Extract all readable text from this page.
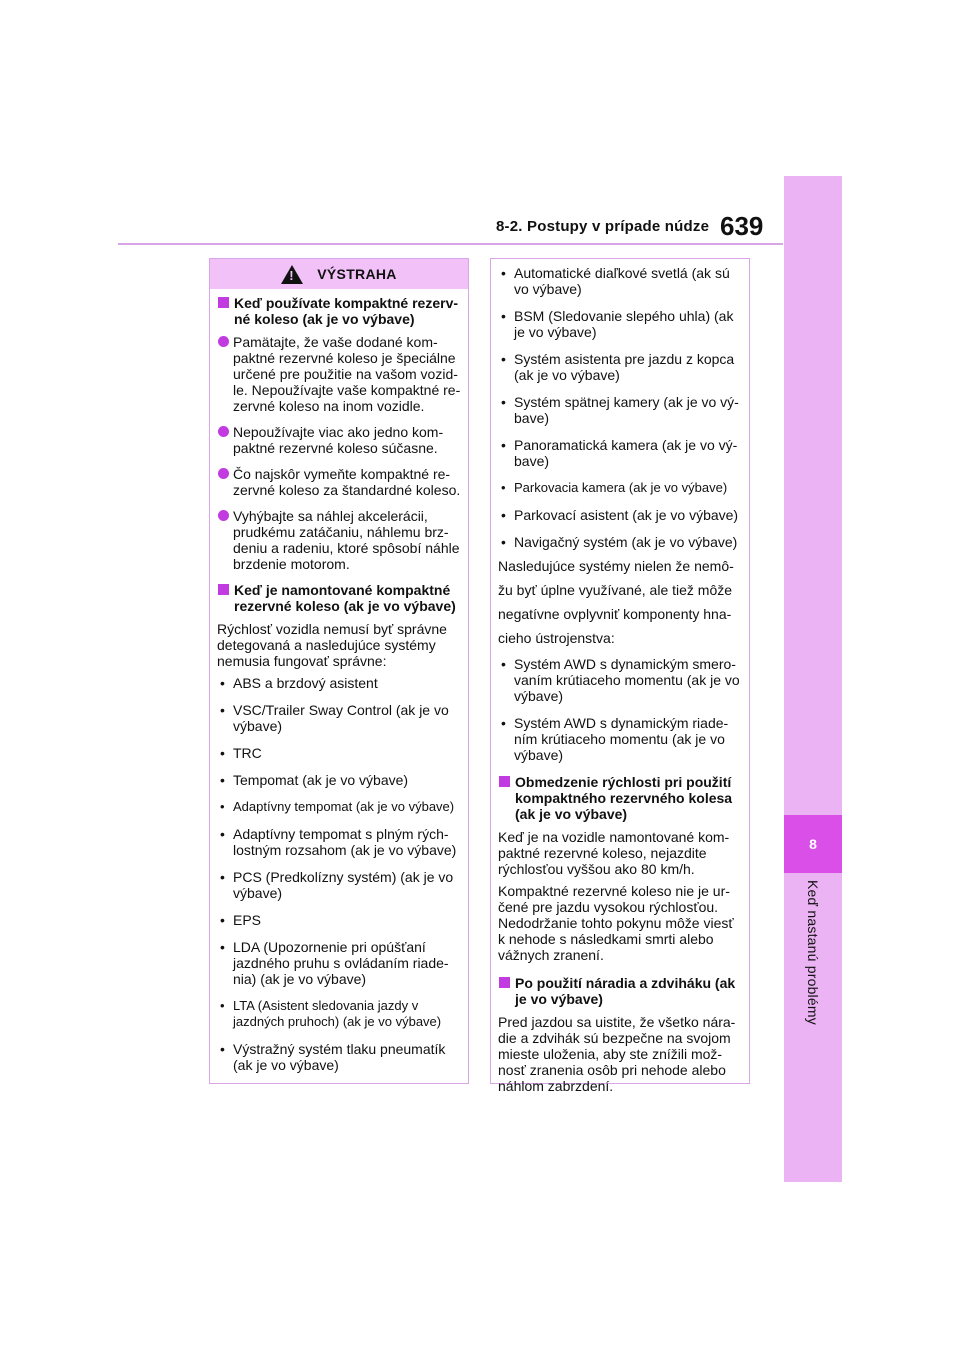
8-2. Postupy v prípade núdze 639
8
Keď nastanú problémy
!
VÝSTRAHA
Keď používate kompaktné rezerv-né koleso (ak je vo výbave)
Pamätajte, že vaše dodané kom-paktné rezervné koleso je špeciálne určené pre použitie na vašom vozid-le. Nepoužívajte vaše kompaktné re-zervné koleso na inom vozidle.
Nepoužívajte viac ako jedno kom-paktné rezervné koleso súčasne.
Čo najskôr vymeňte kompaktné re-zervné koleso za štandardné koleso.
Vyhýbajte sa náhlej akcelerácii, prudkému zatáčaniu, náhlemu brz-deniu a radeniu, ktoré spôsobí náhle brzdenie motorom.
Keď je namontované kompaktné rezervné koleso (ak je vo výbave)
Rýchlosť vozidla nemusí byť správne detegovaná a nasledujúce systémy nemusia fungovať správne:
• ABS a brzdový asistent
• VSC/Trailer Sway Control (ak je vo výbave)
• TRC
• Tempomat (ak je vo výbave)
• Adaptívny tempomat (ak je vo výbave)
• Adaptívny tempomat s plným rých-lostným rozsahom (ak je vo výbave)
• PCS (Predkolízny systém) (ak je vo výbave)
• EPS
• LDA (Upozornenie pri opúšťaní jazdného pruhu s ovládaním riade-nia) (ak je vo výbave)
• LTA (Asistent sledovania jazdy v jazdných pruhoch) (ak je vo výbave)
• Výstražný systém tlaku pneumatík (ak je vo výbave)
• Automatické diaľkové svetlá (ak sú vo výbave)
• BSM (Sledovanie slepého uhla) (ak je vo výbave)
• Systém asistenta pre jazdu z kopca (ak je vo výbave)
• Systém spätnej kamery (ak je vo vý-bave)
• Panoramatická kamera (ak je vo vý-bave)
• Parkovacia kamera (ak je vo výbave)
• Parkovací asistent (ak je vo výbave)
• Navigačný systém (ak je vo výbave)
Nasledujúce systémy nielen že nemô-žu byť úplne využívané, ale tiež môže negatívne ovplyvniť komponenty hna-cieho ústrojenstva:
• Systém AWD s dynamickým smero-vaním krútiaceho momentu (ak je vo výbave)
• Systém AWD s dynamickým riade-ním krútiaceho momentu (ak je vo výbave)
Obmedzenie rýchlosti pri použití kompaktného rezervného kolesa (ak je vo výbave)
Keď je na vozidle namontované kom-paktné rezervné koleso, nejazdite rýchlosťou vyššou ako 80 km/h.
Kompaktné rezervné koleso nie je ur-čené pre jazdu vysokou rýchlosťou. Nedodržanie tohto pokynu môže viesť k nehode s následkami smrti alebo vážnych zranení.
Po použití náradia a zdviháku (ak je vo výbave)
Pred jazdou sa uistite, že všetko nára-die a zdvihák sú bezpečne na svojom mieste uloženia, aby ste znížili mož-nosť zranenia osôb pri nehode alebo náhlom zabrzdení.
